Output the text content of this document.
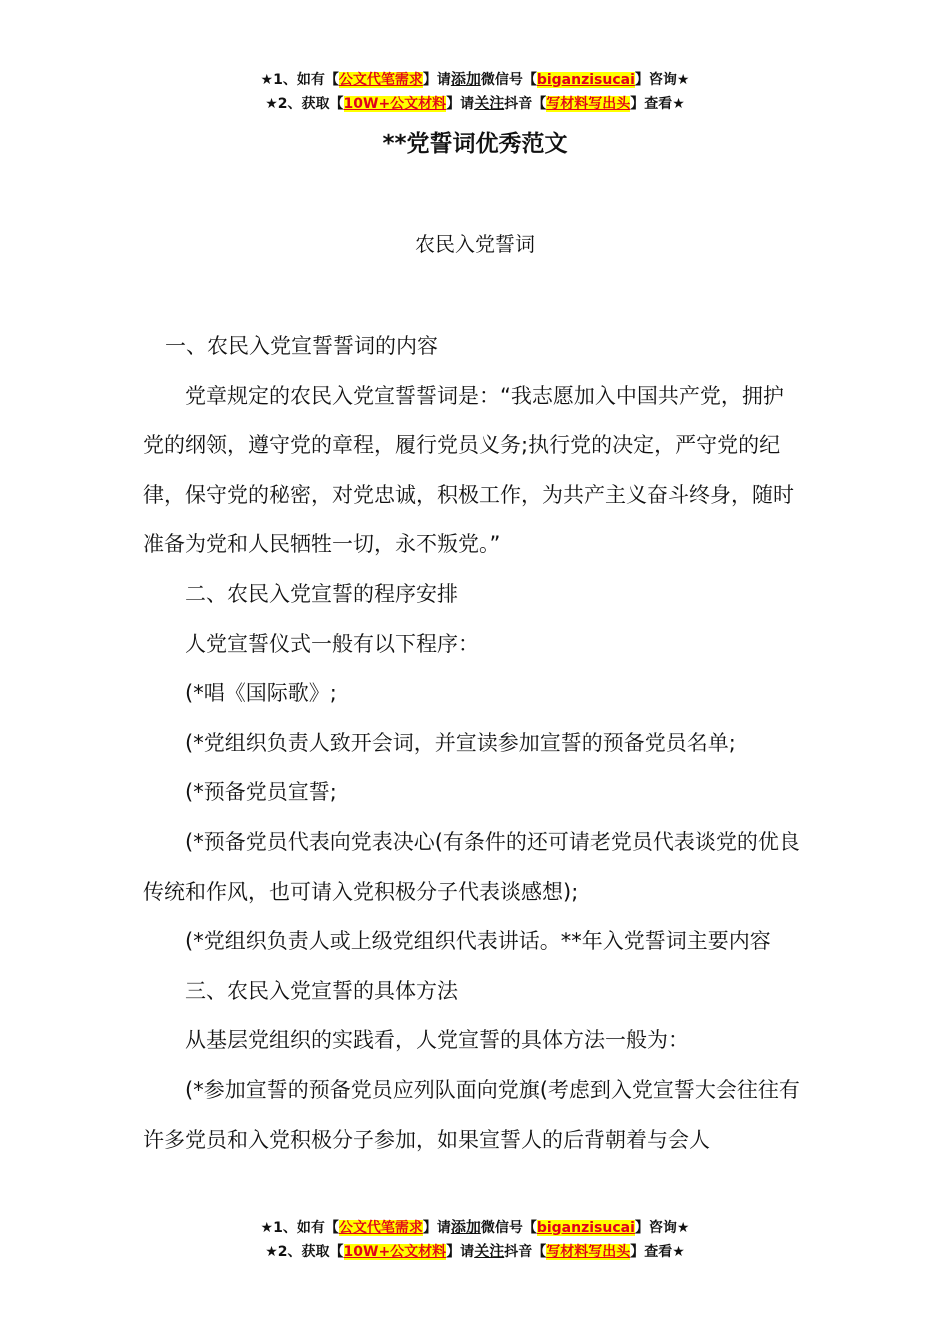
★1、如有【公文代笔需求】请添加微信号【biganzisucai】咨询★
★2、获取【10W+公文材料】请关注抖音【写材料写出头】查看★
**党誓词优秀范文
农民入党誓词

一、农民入党宣誓誓词的内容

党章规定的农民入党宣誓誓词是：“我志愿加入中国共产党，拥护党的纲领，遵守党的章程，履行党员义务;执行党的决定，严守党的纪律，保守党的秘密，对党忠诚，积极工作，为共产主义奋斗终身，随时准备为党和人民牺牲一切，永不叛党。”

二、农民入党宣誓的程序安排

人党宣誓仪式一般有以下程序：

(*唱《国际歌》;

(*党组织负责人致开会词，并宣读参加宣誓的预备党员名单;

(*预备党员宣誓;

(*预备党员代表向党表决心(有条件的还可请老党员代表谈党的优良传统和作风，也可请入党积极分子代表谈感想);

(*党组织负责人或上级党组织代表讲话。**年入党誓词主要内容

三、农民入党宣誓的具体方法

从基层党组织的实践看，人党宣誓的具体方法一般为：

(*参加宣誓的预备党员应列队面向党旗(考虑到入党宣誓大会往往有许多党员和入党积极分子参加，如果宣誓人的后背朝着与会人

★1、如有【公文代笔需求】请添加微信号【biganzisucai】咨询★
★2、获取【10W+公文材料】请关注抖音【写材料写出头】查看★
